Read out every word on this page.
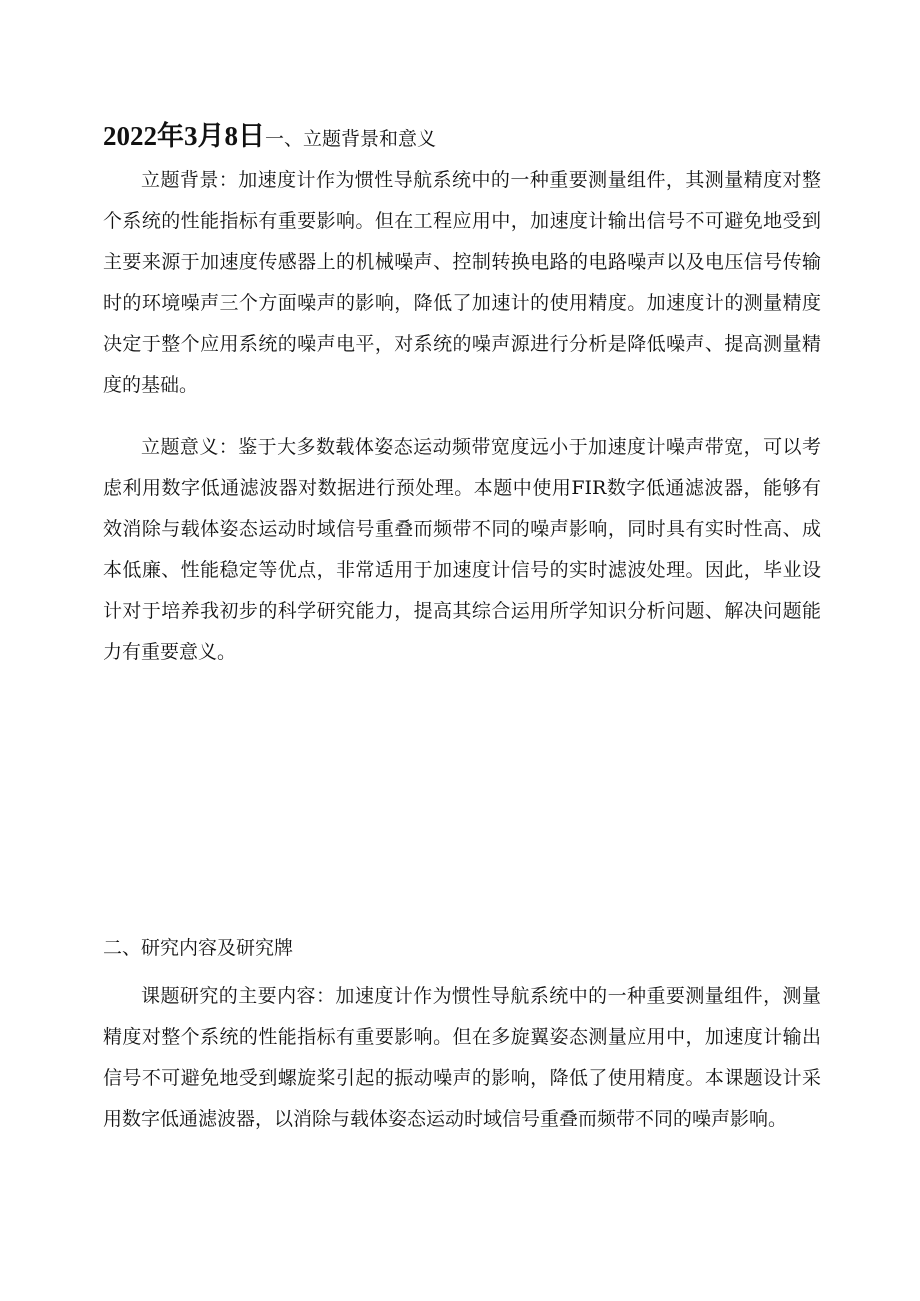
2022年3月8日一、立题背景和意义

立题背景：加速度计作为惯性导航系统中的一种重要测量组件，其测量精度对整个系统的性能指标有重要影响。但在工程应用中，加速度计输出信号不可避免地受到主要来源于加速度传感器上的机械噪声、控制转换电路的电路噪声以及电压信号传输时的环境噪声三个方面噪声的影响，降低了加速计的使用精度。加速度计的测量精度决定于整个应用系统的噪声电平，对系统的噪声源进行分析是降低噪声、提高测量精度的基础。

立题意义：鉴于大多数载体姿态运动频带宽度远小于加速度计噪声带宽，可以考虑利用数字低通滤波器对数据进行预处理。本题中使用FIR数字低通滤波器，能够有效消除与载体姿态运动时域信号重叠而频带不同的噪声影响，同时具有实时性高、成本低廉、性能稳定等优点，非常适用于加速度计信号的实时滤波处理。因此，毕业设计对于培养我初步的科学研究能力，提高其综合运用所学知识分析问题、解决问题能力有重要意义。

二、研究内容及研究牌

课题研究的主要内容：加速度计作为惯性导航系统中的一种重要测量组件，测量精度对整个系统的性能指标有重要影响。但在多旋翼姿态测量应用中，加速度计输出信号不可避免地受到螺旋桨引起的振动噪声的影响，降低了使用精度。本课题设计采用数字低通滤波器，以消除与载体姿态运动时域信号重叠而频带不同的噪声影响。
